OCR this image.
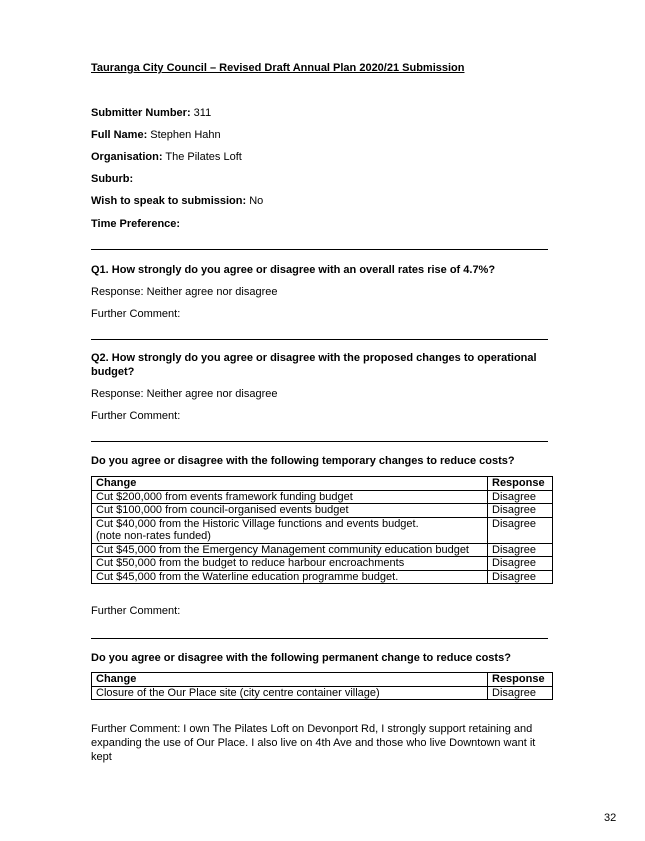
Tauranga City Council – Revised Draft Annual Plan 2020/21 Submission
Submitter Number: 311
Full Name: Stephen Hahn
Organisation: The Pilates Loft
Suburb:
Wish to speak to submission: No
Time Preference:
Q1. How strongly do you agree or disagree with an overall rates rise of 4.7%?
Response: Neither agree nor disagree
Further Comment:
Q2. How strongly do you agree or disagree with the proposed changes to operational budget?
Response: Neither agree nor disagree
Further Comment:
Do you agree or disagree with the following temporary changes to reduce costs?
Change	Response
Cut $200,000 from events framework funding budget	Disagree
Cut $100,000 from council-organised events budget	Disagree

Cut $40,000 from the Historic Village functions and events budget.
(note non-rates funded)	Disagree
Cut $45,000 from the Emergency Management community education budget	Disagree
Cut $50,000 from the budget to reduce harbour encroachments	Disagree
Cut $45,000 from the Waterline education programme budget.	Disagree
Further Comment:
Do you agree or disagree with the following permanent change to reduce costs?
Change	Response
Closure of the Our Place site (city centre container village)	Disagree
Further Comment: I own The Pilates Loft on Devonport Rd, I strongly support retaining and expanding the use of Our Place. I also live on 4th Ave and those who live Downtown want it kept
32
